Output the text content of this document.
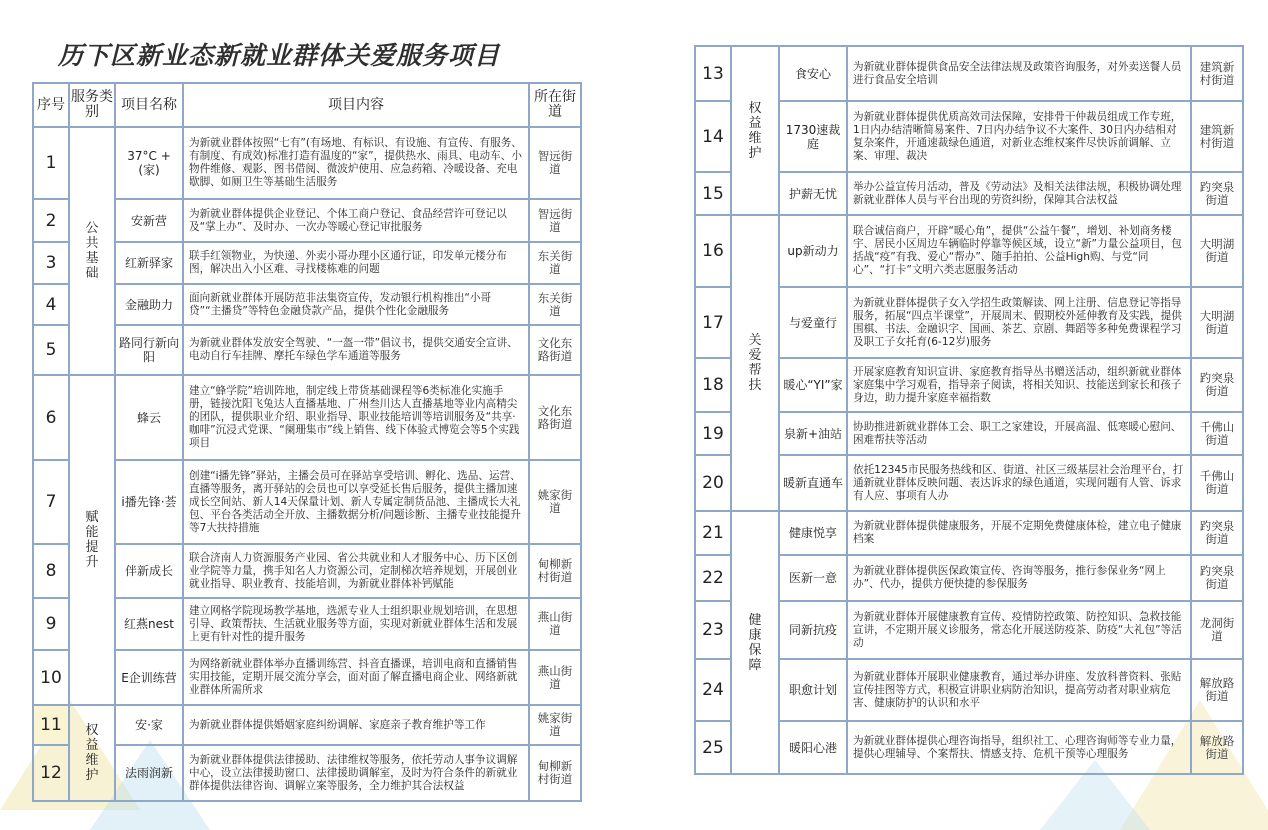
历下区新业态新就业群体关爱服务项目
序号	服务类别	项目名称	项目内容	所在街道
1	公共基础	37°C +(家)	为新就业群体按照“七有”(有场地、有标识、有设施、有宣传、有服务、有制度、有成效)标准打造有温度的“家”，提供热水、雨具、电动车、小物件维修、观影、图书借阅、微波炉使用、应急药箱、冷暖设备、充电歇脚、如厕卫生等基础生活服务	智远街道
2		安新营	为新就业群体提供企业登记、个体工商户登记、食品经营许可登记以及“掌上办”、及时办、一次办等暖心登记审批服务	智远街道
3		红新驿家	联手红领物业，为快递、外卖小哥办理小区通行证，印发单元楼分布图，解决出入小区难、寻找楼栋难的问题	东关街道
4		金融助力	面向新就业群体开展防范非法集资宣传，发动银行机构推出“小哥贷”“主播贷”等特色金融贷款产品，提供个性化金融服务	东关街道
5		路同行新向阳	为新就业群体发放安全驾驶、“一盔一带”倡议书，提供交通安全宣讲、电动自行车挂牌、摩托车绿色学车通道等服务	文化东路街道
6	赋能提升	蜂云	建立“蜂学院”培训阵地，制定线上带货基础课程等6类标准化实施手册，链接沈阳飞兔达人直播基地、广州叁川达人直播基地等业内高精尖的团队，提供职业介绍、职业指导、职业技能培训等培训服务及“共享·咖啡”沉浸式党课、“阑珊集市”线上销售、线下体验式博览会等5个实践项目	文化东路街道
7		i播先锋·荟	创建“i播先锋”驿站，主播会员可在驿站享受培训、孵化、选品、运营、直播等服务，离开驿站的会员也可以享受延长售后服务，提供主播加速成长空间站、新人14天保量计划、新人专属定制货品池、主播成长大礼包、平台各类活动全开放、主播数据分析/问题诊断、主播专业技能提升等7大扶持措施	姚家街道
8		伴新成长	联合济南人力资源服务产业园、省公共就业和人才服务中心、历下区创业学院等力量，携手知名人力资源公司，定制梯次培养规划，开展创业就业指导、职业教育、技能培训，为新就业群体补钙赋能	甸柳新村街道
9		红燕nest	建立网格学院现场教学基地，选派专业人士组织职业规划培训，在思想引导、政策帮扶、生活就业服务等方面，实现对新就业群体生活和发展上更有针对性的提升服务	燕山街道
10		E企训练营	为网络新就业群体举办直播训练营、抖音直播课，培训电商和直播销售实用技能，定期开展交流分享会，面对面了解直播电商企业、网络新就业群体所需所求	燕山街道
11	权益维护	安·家	为新就业群体提供婚姻家庭纠纷调解、家庭亲子教育维护等工作	姚家街道
12		法雨润新	为新就业群体提供法律援助、法律维权等服务，依托劳动人事争议调解中心，设立法律援助窗口、法律援助调解室，及时为符合条件的新就业群体提供法律咨询、调解立案等服务，全力维护其合法权益	甸柳新村街道
13	权益维护	食安心	为新就业群体提供食品安全法律法规及政策咨询服务，对外卖送餐人员进行食品安全培训	建筑新村街道
14		1730速裁庭	为新就业群体提供优质高效司法保障，安排骨干仲裁员组成工作专班，1日内办结清晰简易案件、7日内办结争议不大案件、30日内办结相对复杂案件，开通速裁绿色通道，对新业态维权案件尽快诉前调解、立案、审理、裁决	建筑新村街道
15		护薪无忧	举办公益宣传月活动，普及《劳动法》及相关法律法规，积极协调处理新就业群体人员与平台出现的劳资纠纷，保障其合法权益	趵突泉街道
16	关爱帮扶	up新动力	联合诚信商户，开辟“暖心角”，提供“公益午餐”，增划、补划商务楼宇、居民小区周边车辆临时停靠等候区域，设立“新”力量公益项目，包括战“疫”有我、爱心“帮办”、随手拍拍、公益High购、与党“同心”、“打卡”文明六类志愿服务活动	大明湖街道
17		与爱童行	为新就业群体提供子女入学招生政策解读、网上注册、信息登记等指导服务，拓展“四点半课堂”，开展周末、假期校外延伸教育及实践，提供围棋、书法、金融识字、国画、茶艺、京剧、舞蹈等多种免费课程学习及职工子女托育(6-12岁)服务	大明湖街道
18		暖心“YI”家	开展家庭教育知识宣讲、家庭教育指导丛书赠送活动，组织新就业群体家庭集中学习观看，指导亲子阅读，将相关知识、技能送到家长和孩子身边，助力提升家庭幸福指数	趵突泉街道
19		泉新+油站	协助推进新就业群体工会、职工之家建设，开展高温、低寒暖心慰问、困难帮扶等活动	千佛山街道
20		暖新直通车	依托12345市民服务热线和区、街道、社区三级基层社会治理平台，打通新就业群体反映问题、表达诉求的绿色通道，实现问题有人管、诉求有人应、事项有人办	千佛山街道
21	健康保障	健康悦享	为新就业群体提供健康服务，开展不定期免费健康体检，建立电子健康档案	趵突泉街道
22		医新一意	为新就业群体提供医保政策宣传、咨询等服务，推行参保业务“网上办”、代办，提供方便快捷的参保服务	趵突泉街道
23		同新抗疫	为新就业群体开展健康教育宣传、疫情防控政策、防控知识、急救技能宣讲，不定期开展义诊服务，常态化开展送防疫茶、防疫“大礼包”等活动	龙洞街道
24		职愈计划	为新就业群体开展职业健康教育，通过举办讲座、发放科普资料、张贴宣传挂图等方式，积极宣讲职业病防治知识，提高劳动者对职业病危害、健康防护的认识和水平	解放路街道
25		暖阳心港	为新就业群体提供心理咨询指导，组织社工、心理咨询师等专业力量，提供心理辅导、个案帮扶、情感支持、危机干预等心理服务	解放路街道
